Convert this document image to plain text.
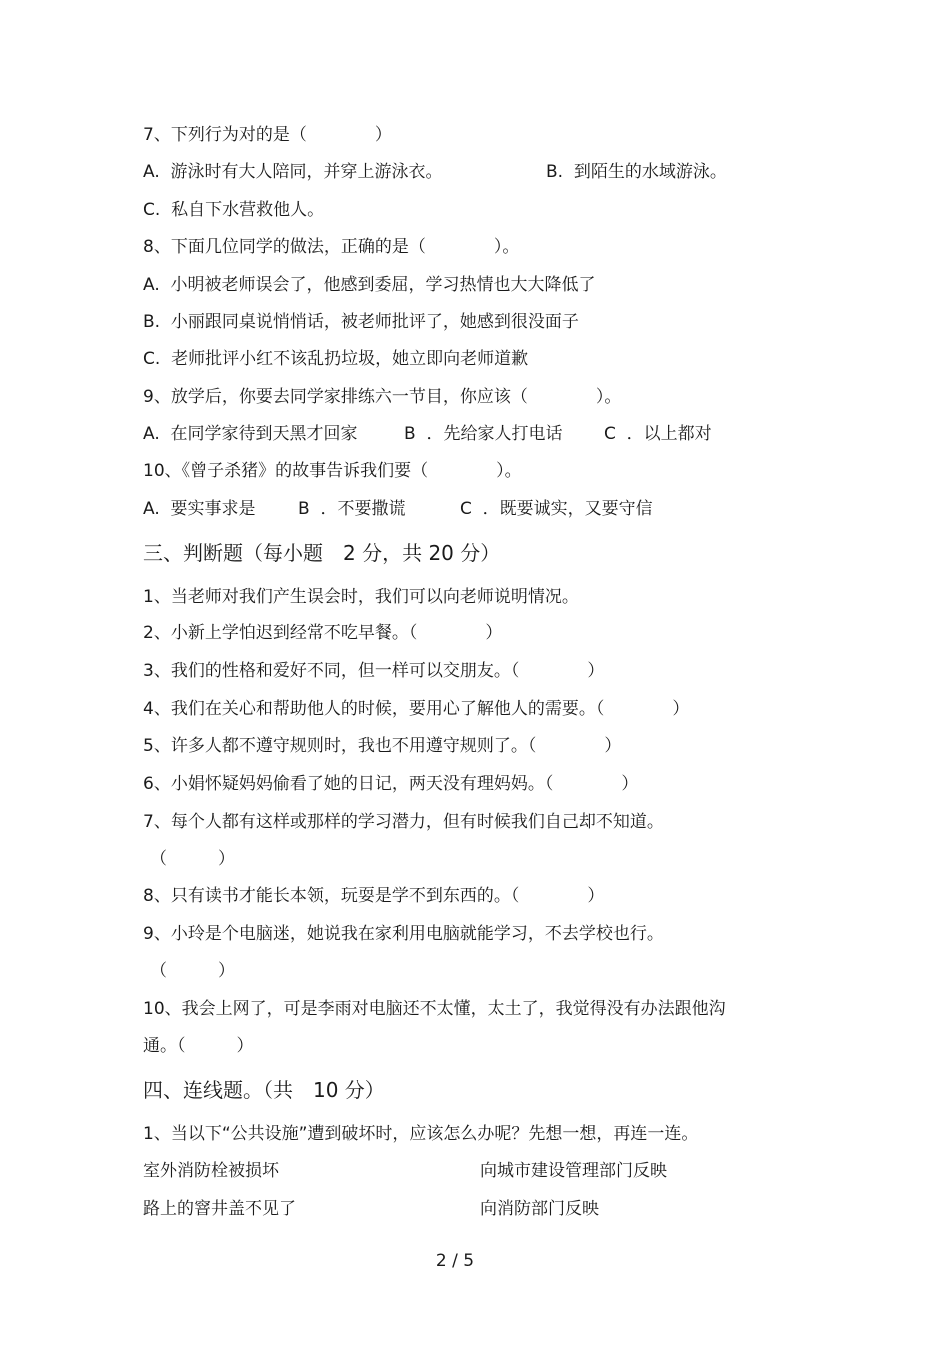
7、下列行为对的是（　　　　）
A.  游泳时有大人陪同，并穿上游泳衣。	B.  到陌生的水域游泳。
C.  私自下水营救他人。
8、下面几位同学的做法，正确的是（　　　　）。
A.  小明被老师误会了，他感到委屈，学习热情也大大降低了
B.  小丽跟同桌说悄悄话，被老师批评了，她感到很没面子
C.  老师批评小红不该乱扔垃圾，她立即向老师道歉
9、放学后，你要去同学家排练六一节目，你应该（　　　　）。
A.  在同学家待到天黑才回家	B  ．先给家人打电话 C  ．以上都对
10、《曾子杀猪》的故事告诉我们要（　　　　）。
A.  要实事求是 B  ．不要撒谎	C  ．既要诚实，又要守信
三、判断题（每小题　2 分，共 20 分）
1、当老师对我们产生误会时，我们可以向老师说明情况。
2、小新上学怕迟到经常不吃早餐。（　　　　）
3、我们的性格和爱好不同，但一样可以交朋友。（　　　　）
4、我们在关心和帮助他人的时候，要用心了解他人的需要。（　　　　）
5、许多人都不遵守规则时，我也不用遵守规则了。（　　　　）
6、小娟怀疑妈妈偷看了她的日记，两天没有理妈妈。（　　　　）
7、每个人都有这样或那样的学习潜力，但有时候我们自己却不知道。
（　　　）
8、只有读书才能长本领，玩耍是学不到东西的。（　　　　）
9、小玲是个电脑迷，她说我在家利用电脑就能学习，不去学校也行。
（　　　）
10、我会上网了，可是李雨对电脑还不太懂，太土了，我觉得没有办法跟他沟
通。（　　　）
四、连线题。（共　10 分）
1、当以下“公共设施”遭到破坏时，应该怎么办呢？先想一想，再连一连。
室外消防栓被损坏	向城市建设管理部门反映
路上的窨井盖不见了	向消防部门反映
2 / 5
